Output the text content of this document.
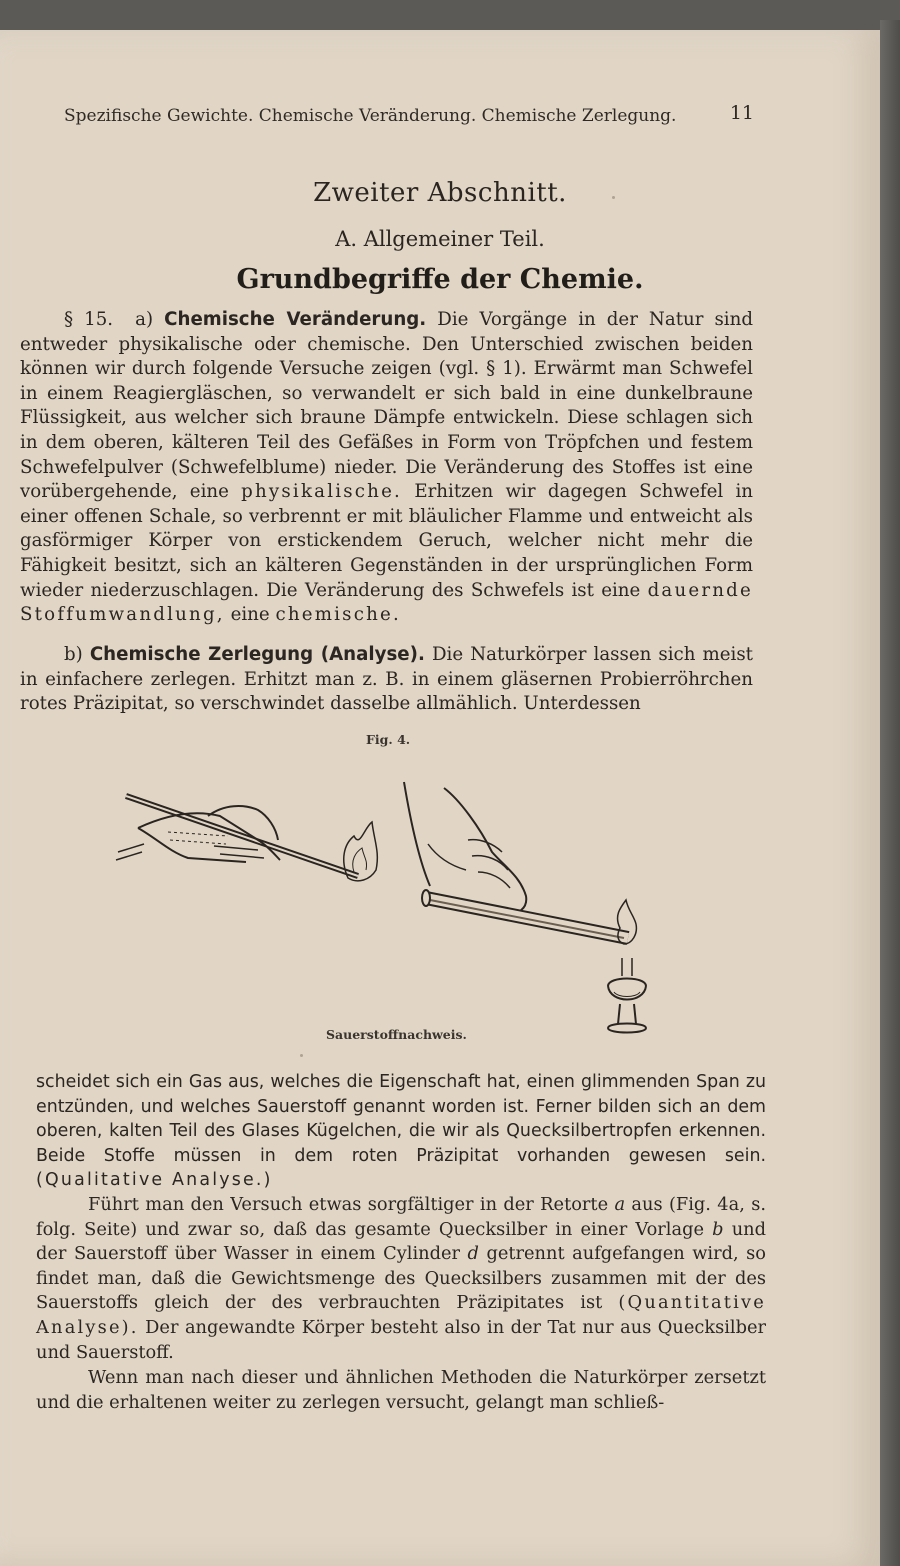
Spezifische Gewichte. Chemische Veränderung. Chemische Zerlegung.	11
Zweiter Abschnitt.
A. Allgemeiner Teil.
Grundbegriffe der Chemie.
§ 15. a) Chemische Veränderung. Die Vorgänge in der Natur sind entweder physikalische oder chemische. Den Unterschied zwischen beiden können wir durch folgende Versuche zeigen (vgl. § 1). Erwärmt man Schwefel in einem Reagiergläschen, so verwandelt er sich bald in eine dunkelbraune Flüssigkeit, aus welcher sich braune Dämpfe entwickeln. Diese schlagen sich in dem oberen, kälteren Teil des Gefäßes in Form von Tröpfchen und festem Schwefelpulver (Schwefelblume) nieder. Die Veränderung des Stoffes ist eine vorübergehende, eine physikalische. Erhitzen wir dagegen Schwefel in einer offenen Schale, so verbrennt er mit bläulicher Flamme und entweicht als gasförmiger Körper von erstickendem Geruch, welcher nicht mehr die Fähigkeit besitzt, sich an kälteren Gegenständen in der ursprünglichen Form wieder niederzuschlagen. Die Veränderung des Schwefels ist eine dauernde Stoffumwandlung, eine chemische.
b) Chemische Zerlegung (Analyse). Die Naturkörper lassen sich meist in einfachere zerlegen. Erhitzt man z. B. in einem gläsernen Probierröhrchen rotes Präzipitat, so verschwindet dasselbe allmählich. Unterdessen
Fig. 4.
Sauerstoffnachweis.
scheidet sich ein Gas aus, welches die Eigenschaft hat, einen glimmenden Span zu entzünden, und welches Sauerstoff genannt worden ist. Ferner bilden sich an dem oberen, kalten Teil des Glases Kügelchen, die wir als Quecksilbertropfen erkennen. Beide Stoffe müssen in dem roten Präzipitat vorhanden gewesen sein. (Qualitative Analyse.)
Führt man den Versuch etwas sorgfältiger in der Retorte a aus (Fig. 4a, s. folg. Seite) und zwar so, daß das gesamte Quecksilber in einer Vorlage b und der Sauerstoff über Wasser in einem Cylinder d getrennt aufgefangen wird, so findet man, daß die Gewichtsmenge des Quecksilbers zusammen mit der des Sauerstoffs gleich der des verbrauchten Präzipitates ist (Quantitative Analyse). Der angewandte Körper besteht also in der Tat nur aus Quecksilber und Sauerstoff.
Wenn man nach dieser und ähnlichen Methoden die Naturkörper zersetzt und die erhaltenen weiter zu zerlegen versucht, gelangt man schließ-
